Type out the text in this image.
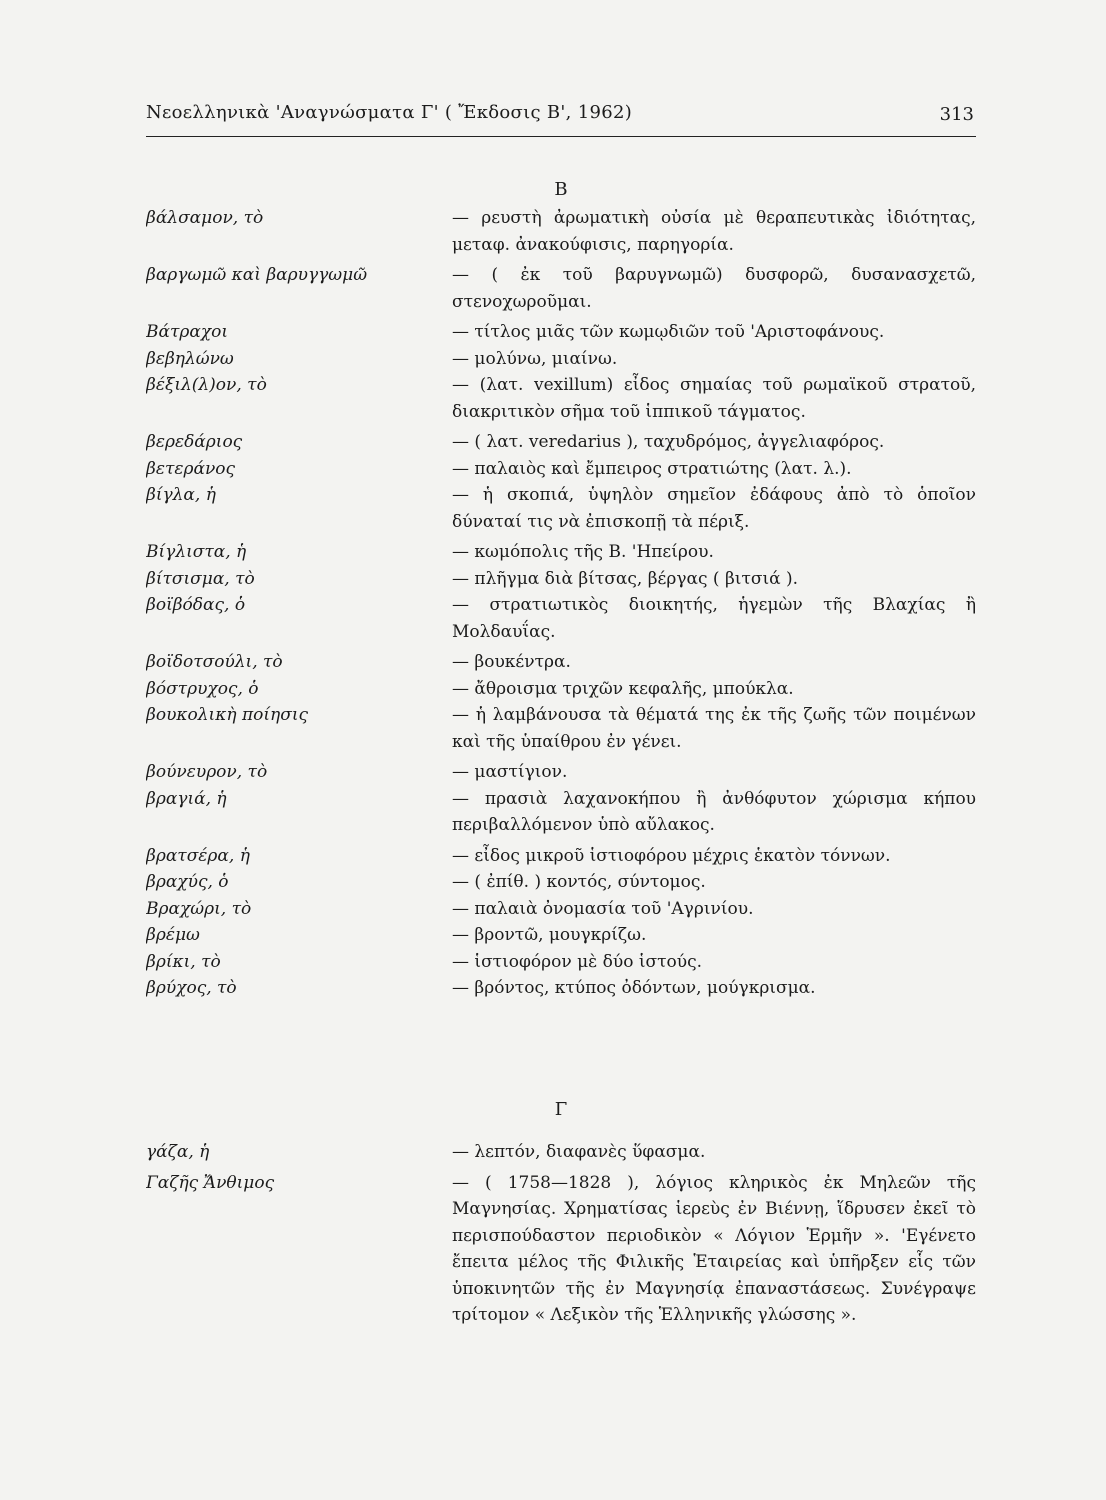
Νεοελληνικὰ 'Αναγνώσματα Γ' ( Ἔκδοσις Β', 1962)	313
Β
βάλσαμον, τὸ	— ρευστὴ ἀρωματικὴ οὐσία μὲ θεραπευτικὰς ἰδιότητας, μεταφ. ἀνακούφισις, παρηγορία.
βαργωμῶ καὶ βαρυγγωμῶ	— ( ἐκ τοῦ βαρυγνωμῶ) δυσφορῶ, δυσανασχετῶ, στενοχωροῦμαι.
Βάτραχοι	— τίτλος μιᾶς τῶν κωμῳδιῶν τοῦ 'Αριστοφάνους.
βεβηλώνω	— μολύνω, μιαίνω.
βέξιλ(λ)ον, τὸ	— (λατ. vexillum) εἶδος σημαίας τοῦ ρωμαϊκοῦ στρατοῦ, διακριτικὸν σῆμα τοῦ ἱππικοῦ τάγματος.
βερεδάριος	— ( λατ. veredarius ), ταχυδρόμος, ἀγγελιαφόρος.
βετεράνος	— παλαιὸς καὶ ἔμπειρος στρατιώτης (λατ. λ.).
βίγλα, ἡ	— ἡ σκοπιά, ὑψηλὸν σημεῖον ἐδάφους ἀπὸ τὸ ὁποῖον δύναταί τις νὰ ἐπισκοπῇ τὰ πέριξ.
Βίγλιστα, ἡ	— κωμόπολις τῆς Β. 'Ηπείρου.
βίτσισμα, τὸ	— πλῆγμα διὰ βίτσας, βέργας ( βιτσιά ).
βοϊβόδας, ὁ	— στρατιωτικὸς διοικητής, ἡγεμὼν τῆς Βλαχίας ἢ Μολδαυΐας.
βοϊδοτσούλι, τὸ	— βουκέντρα.
βόστρυχος, ὁ	— ἄθροισμα τριχῶν κεφαλῆς, μπούκλα.
βουκολικὴ ποίησις	— ἡ λαμβάνουσα τὰ θέματά της ἐκ τῆς ζωῆς τῶν ποιμένων καὶ τῆς ὑπαίθρου ἐν γένει.
βούνευρον, τὸ	— μαστίγιον.
βραγιά, ἡ	— πρασιὰ λαχανοκήπου ἢ ἀνθόφυτον χώρισμα κήπου περιβαλλόμενον ὑπὸ αὔλακος.
βρατσέρα, ἡ	— εἶδος μικροῦ ἱστιοφόρου μέχρις ἑκατὸν τόννων.
βραχύς, ὁ	— ( ἐπίθ. ) κοντός, σύντομος.
Βραχώρι, τὸ	— παλαιὰ ὀνομασία τοῦ 'Αγρινίου.
βρέμω	— βροντῶ, μουγκρίζω.
βρίκι, τὸ	— ἱστιοφόρον μὲ δύο ἱστούς.
βρύχος, τὸ	— βρόντος, κτύπος ὀδόντων, μούγκρισμα.
Γ
γάζα, ἡ	— λεπτόν, διαφανὲς ὕφασμα.
Γαζῆς Ἄνθιμος	— ( 1758—1828 ), λόγιος κληρικὸς ἐκ Μηλεῶν τῆς Μαγνησίας. Χρηματίσας ἱερεὺς ἐν Βιέννῃ, ἵδρυσεν ἐκεῖ τὸ περισπούδαστον περιοδικὸν « Λόγιον Ἑρμῆν ». 'Εγένετο ἔπειτα μέλος τῆς Φιλικῆς Ἑταιρείας καὶ ὑπῆρξεν εἷς τῶν ὑποκινητῶν τῆς ἐν Μαγνησίᾳ ἐπαναστάσεως. Συνέγραψε τρίτομον « Λεξικὸν τῆς Ἑλληνικῆς γλώσσης ».
